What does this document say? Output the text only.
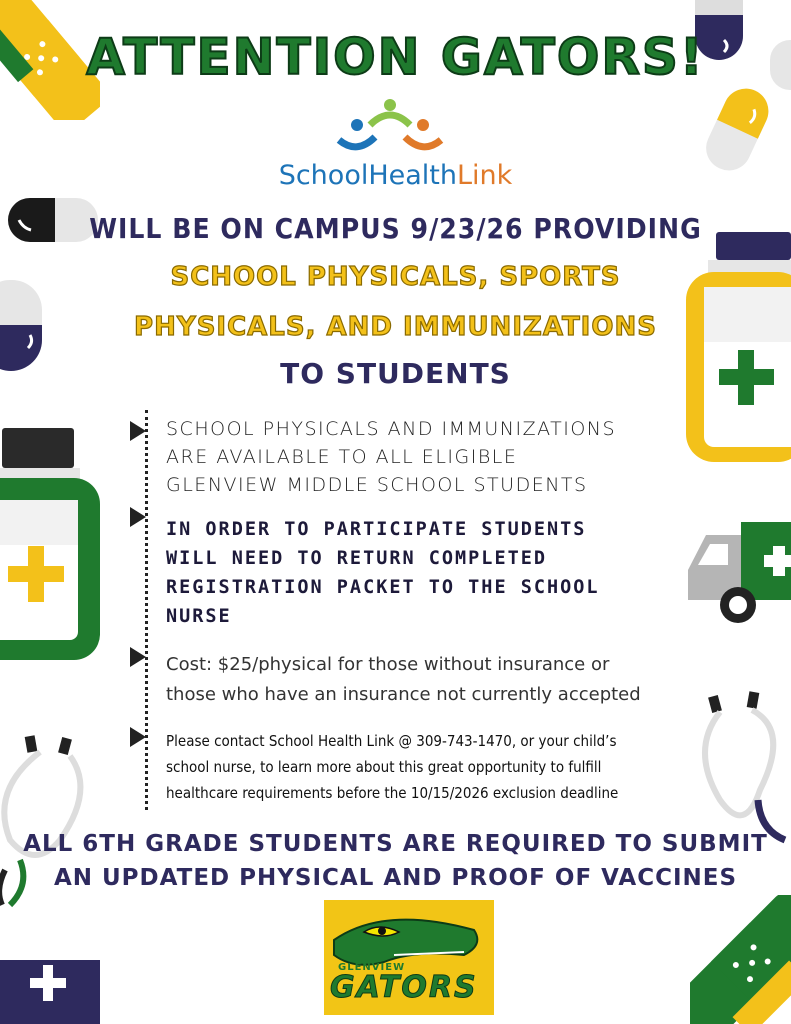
ATTENTION GATORS!
SchoolHealthLink
WILL BE ON CAMPUS 9/23/26 PROVIDING
SCHOOL PHYSICALS, SPORTS
PHYSICALS, AND IMMUNIZATIONS
TO STUDENTS
SCHOOL PHYSICALS AND IMMUNIZATIONS
ARE AVAILABLE TO ALL ELIGIBLE
GLENVIEW MIDDLE SCHOOL STUDENTS
IN ORDER TO PARTICIPATE STUDENTS
WILL NEED TO RETURN COMPLETED
REGISTRATION PACKET TO THE SCHOOL
NURSE
Cost: $25/physical for those without insurance or
those who have an insurance not currently accepted
Please contact School Health Link @ 309-743-1470, or your child’s
school nurse, to learn more about this great opportunity to fulfill
healthcare requirements before the 10/15/2026 exclusion deadline
ALL 6TH GRADE STUDENTS ARE REQUIRED TO SUBMIT
AN UPDATED PHYSICAL AND PROOF OF VACCINES
GLENVIEW
GATORS
